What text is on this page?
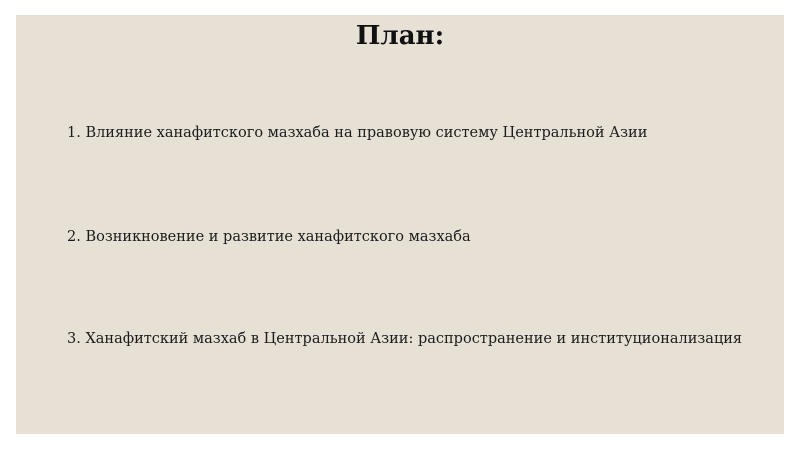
План:
1. Влияние ханафитского мазхаба на правовую систему Центральной Азии
2. Возникновение и развитие ханафитского мазхаба
3. Ханафитский мазхаб в Центральной Азии: распространение и институционализация
